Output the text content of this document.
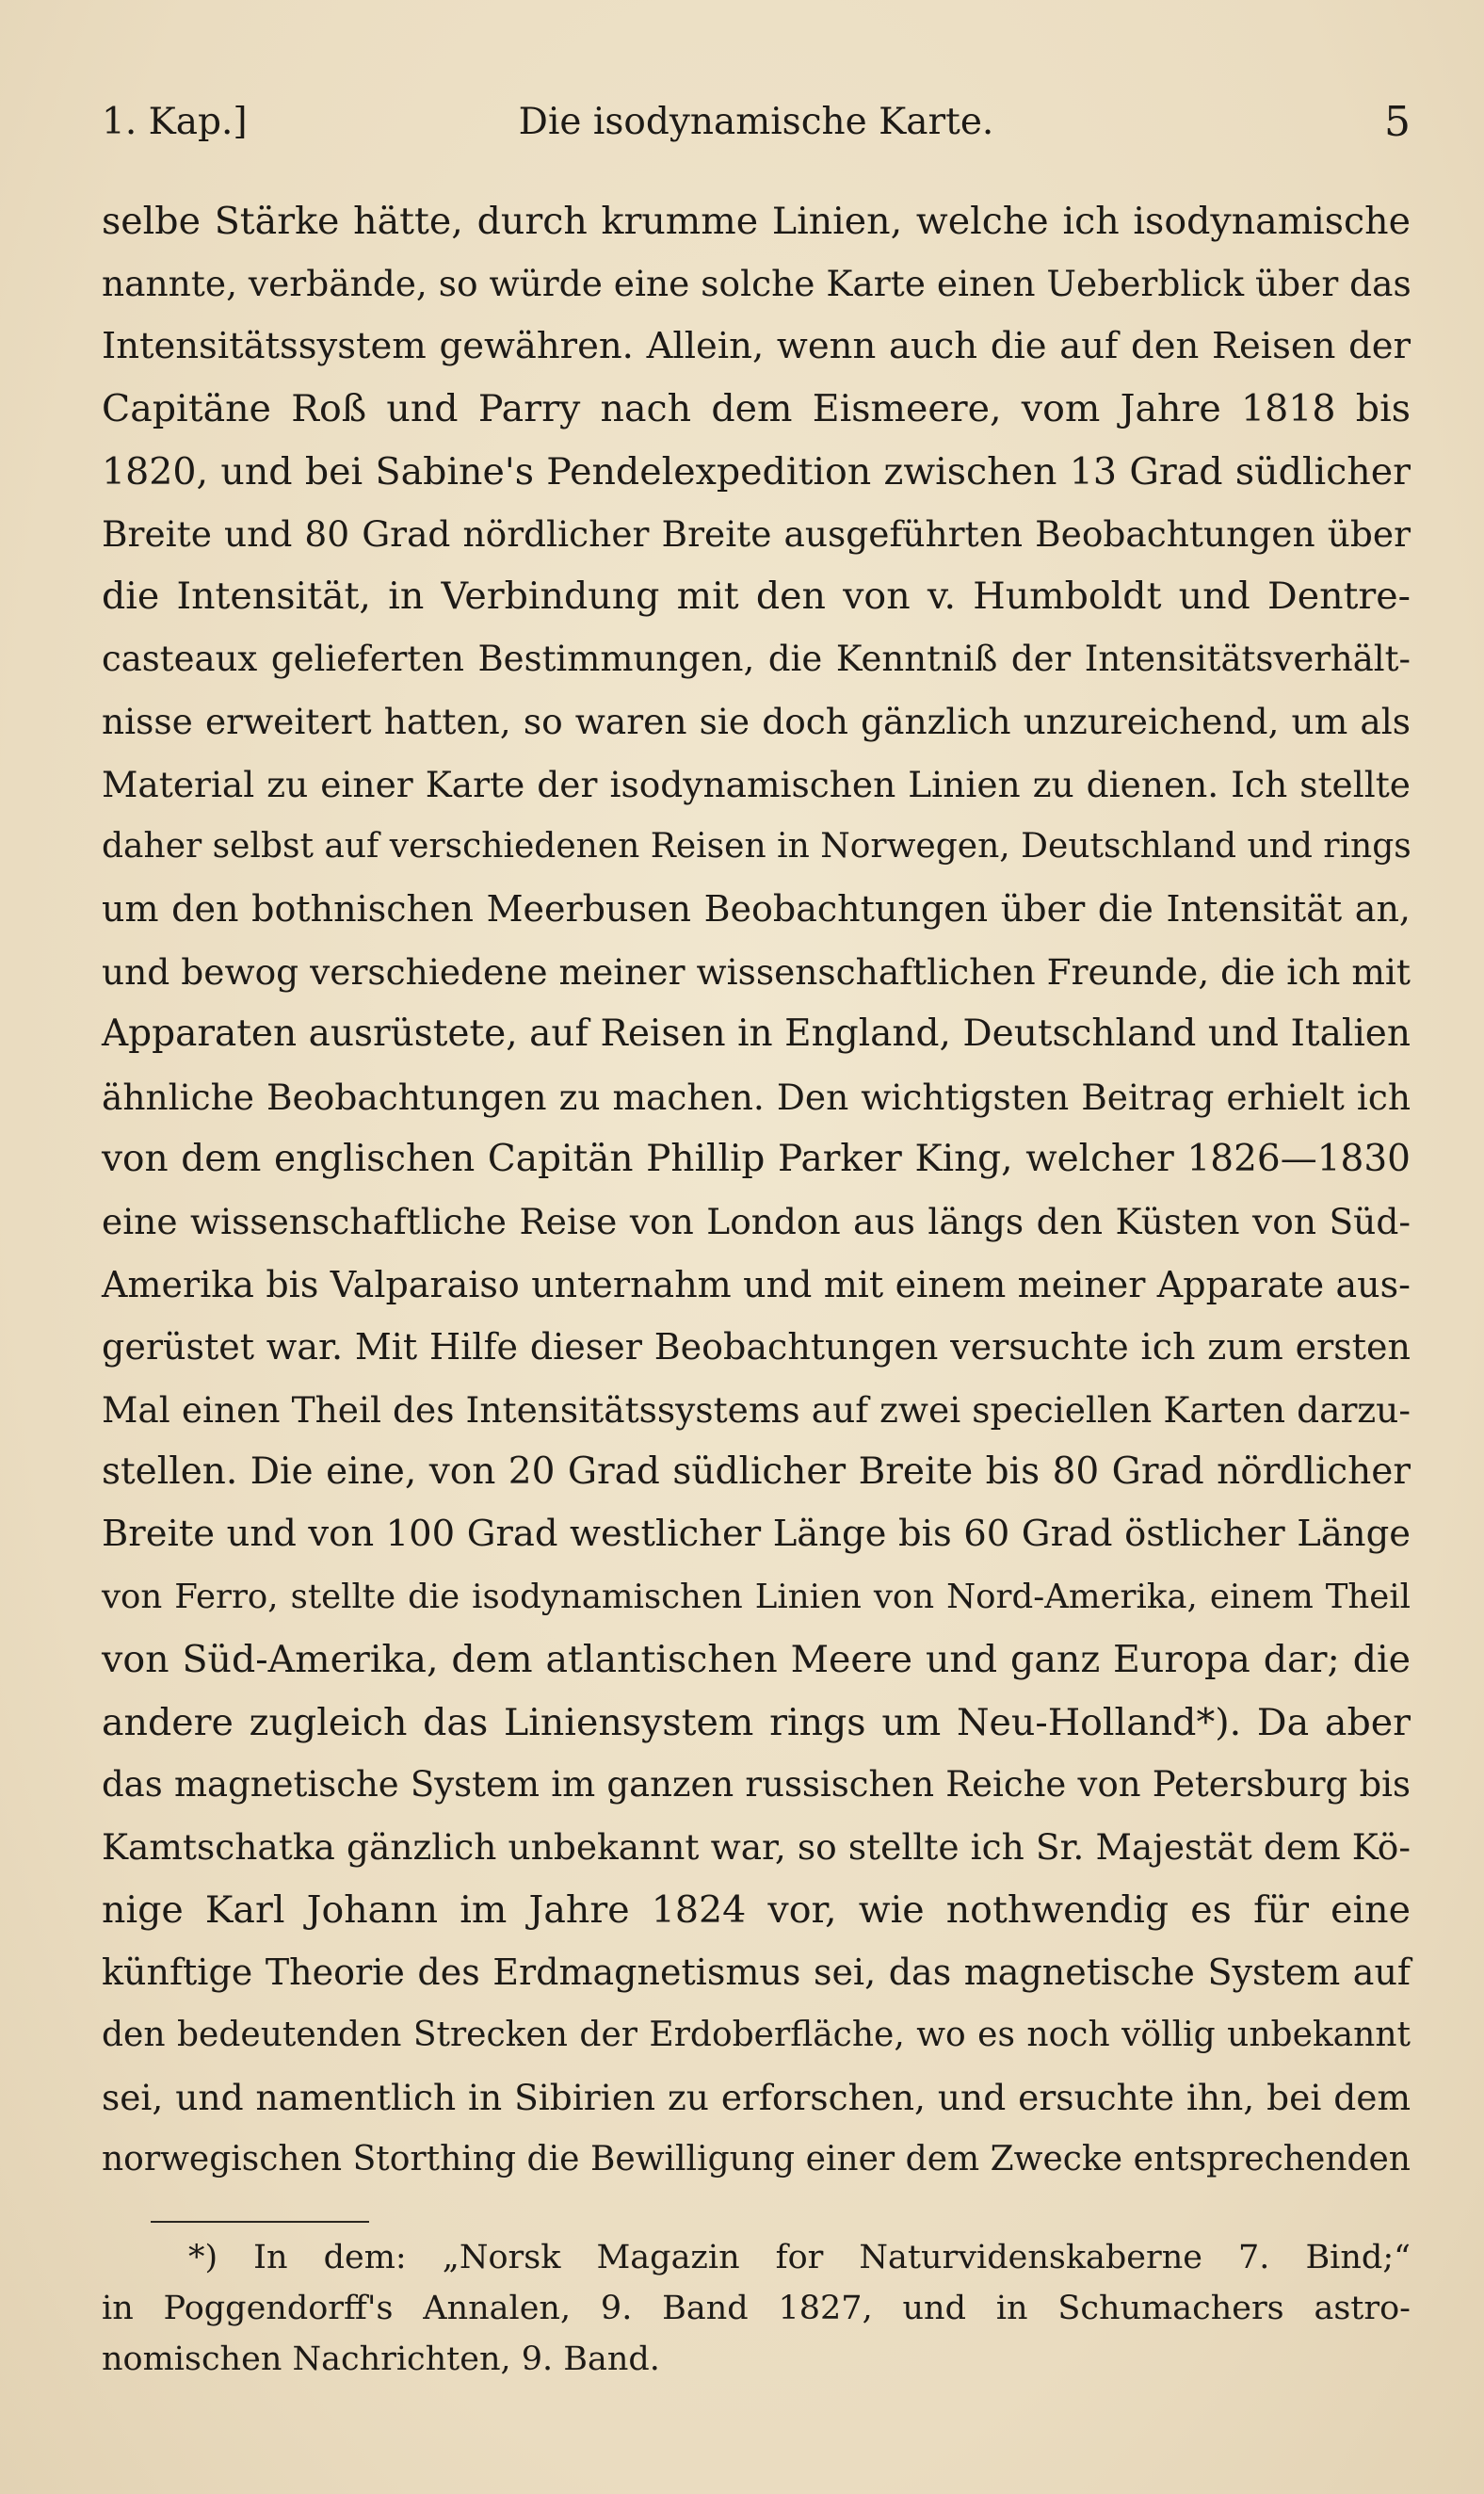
1. Kap.]	Die isodynamische Karte.	5
selbe Stärke hätte, durch krumme Linien, welche ich isodynamische
nannte, verbände, so würde eine solche Karte einen Ueberblick über das
Intensitätssystem gewähren. Allein, wenn auch die auf den Reisen der
Capitäne Roß und Parry nach dem Eismeere, vom Jahre 1818 bis
1820, und bei Sabine's Pendelexpedition zwischen 13 Grad südlicher
Breite und 80 Grad nördlicher Breite ausgeführten Beobachtungen über
die Intensität, in Verbindung mit den von v. Humboldt und Dentre-
casteaux gelieferten Bestimmungen, die Kenntniß der Intensitätsverhält-
nisse erweitert hatten, so waren sie doch gänzlich unzureichend, um als
Material zu einer Karte der isodynamischen Linien zu dienen. Ich stellte
daher selbst auf verschiedenen Reisen in Norwegen, Deutschland und rings
um den bothnischen Meerbusen Beobachtungen über die Intensität an,
und bewog verschiedene meiner wissenschaftlichen Freunde, die ich mit
Apparaten ausrüstete, auf Reisen in England, Deutschland und Italien
ähnliche Beobachtungen zu machen. Den wichtigsten Beitrag erhielt ich
von dem englischen Capitän Phillip Parker King, welcher 1826—1830
eine wissenschaftliche Reise von London aus längs den Küsten von Süd-
Amerika bis Valparaiso unternahm und mit einem meiner Apparate aus-
gerüstet war. Mit Hilfe dieser Beobachtungen versuchte ich zum ersten
Mal einen Theil des Intensitätssystems auf zwei speciellen Karten darzu-
stellen. Die eine, von 20 Grad südlicher Breite bis 80 Grad nördlicher
Breite und von 100 Grad westlicher Länge bis 60 Grad östlicher Länge
von Ferro, stellte die isodynamischen Linien von Nord-Amerika, einem Theil
von Süd-Amerika, dem atlantischen Meere und ganz Europa dar; die
andere zugleich das Liniensystem rings um Neu-Holland*). Da aber
das magnetische System im ganzen russischen Reiche von Petersburg bis
Kamtschatka gänzlich unbekannt war, so stellte ich Sr. Majestät dem Kö-
nige Karl Johann im Jahre 1824 vor, wie nothwendig es für eine
künftige Theorie des Erdmagnetismus sei, das magnetische System auf
den bedeutenden Strecken der Erdoberfläche, wo es noch völlig unbekannt
sei, und namentlich in Sibirien zu erforschen, und ersuchte ihn, bei dem
norwegischen Storthing die Bewilligung einer dem Zwecke entsprechenden
*) In dem: „Norsk Magazin for Naturvidenskaberne 7. Bind;“
in Poggendorff's Annalen, 9. Band 1827, und in Schumachers astro-
nomischen Nachrichten, 9. Band.
